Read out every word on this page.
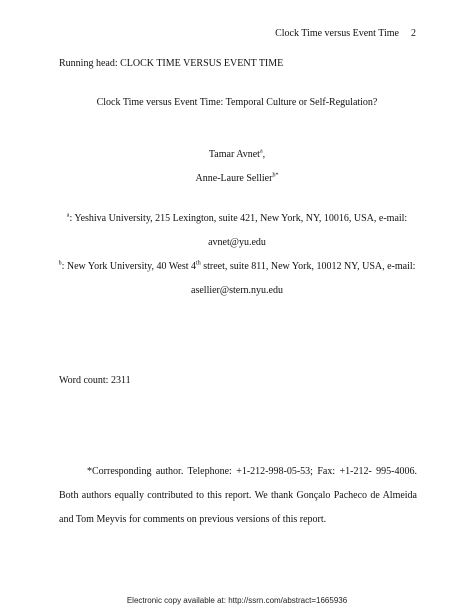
Clock Time versus Event Time 2
Running head: CLOCK TIME VERSUS EVENT TIME
Clock Time versus Event Time: Temporal Culture or Self-Regulation?
Tamar Avnet$^a$,
Anne-Laure Sellier$^{b*}$
$^a$: Yeshiva University, 215 Lexington, suite 421, New York, NY, 10016, USA, e-mail:
avnet@yu.edu
$^b$: New York University, 40 West 4th street, suite 811, New York, 10012 NY, USA, e-mail:
asellier@stern.nyu.edu
Word count: 2311
*Corresponding author. Telephone: +1-212-998-05-53; Fax: +1-212- 995-4006. Both authors equally contributed to this report. We thank Gonçalo Pacheco de Almeida and Tom Meyvis for comments on previous versions of this report.
Electronic copy available at: http://ssrn.com/abstract=1665936
